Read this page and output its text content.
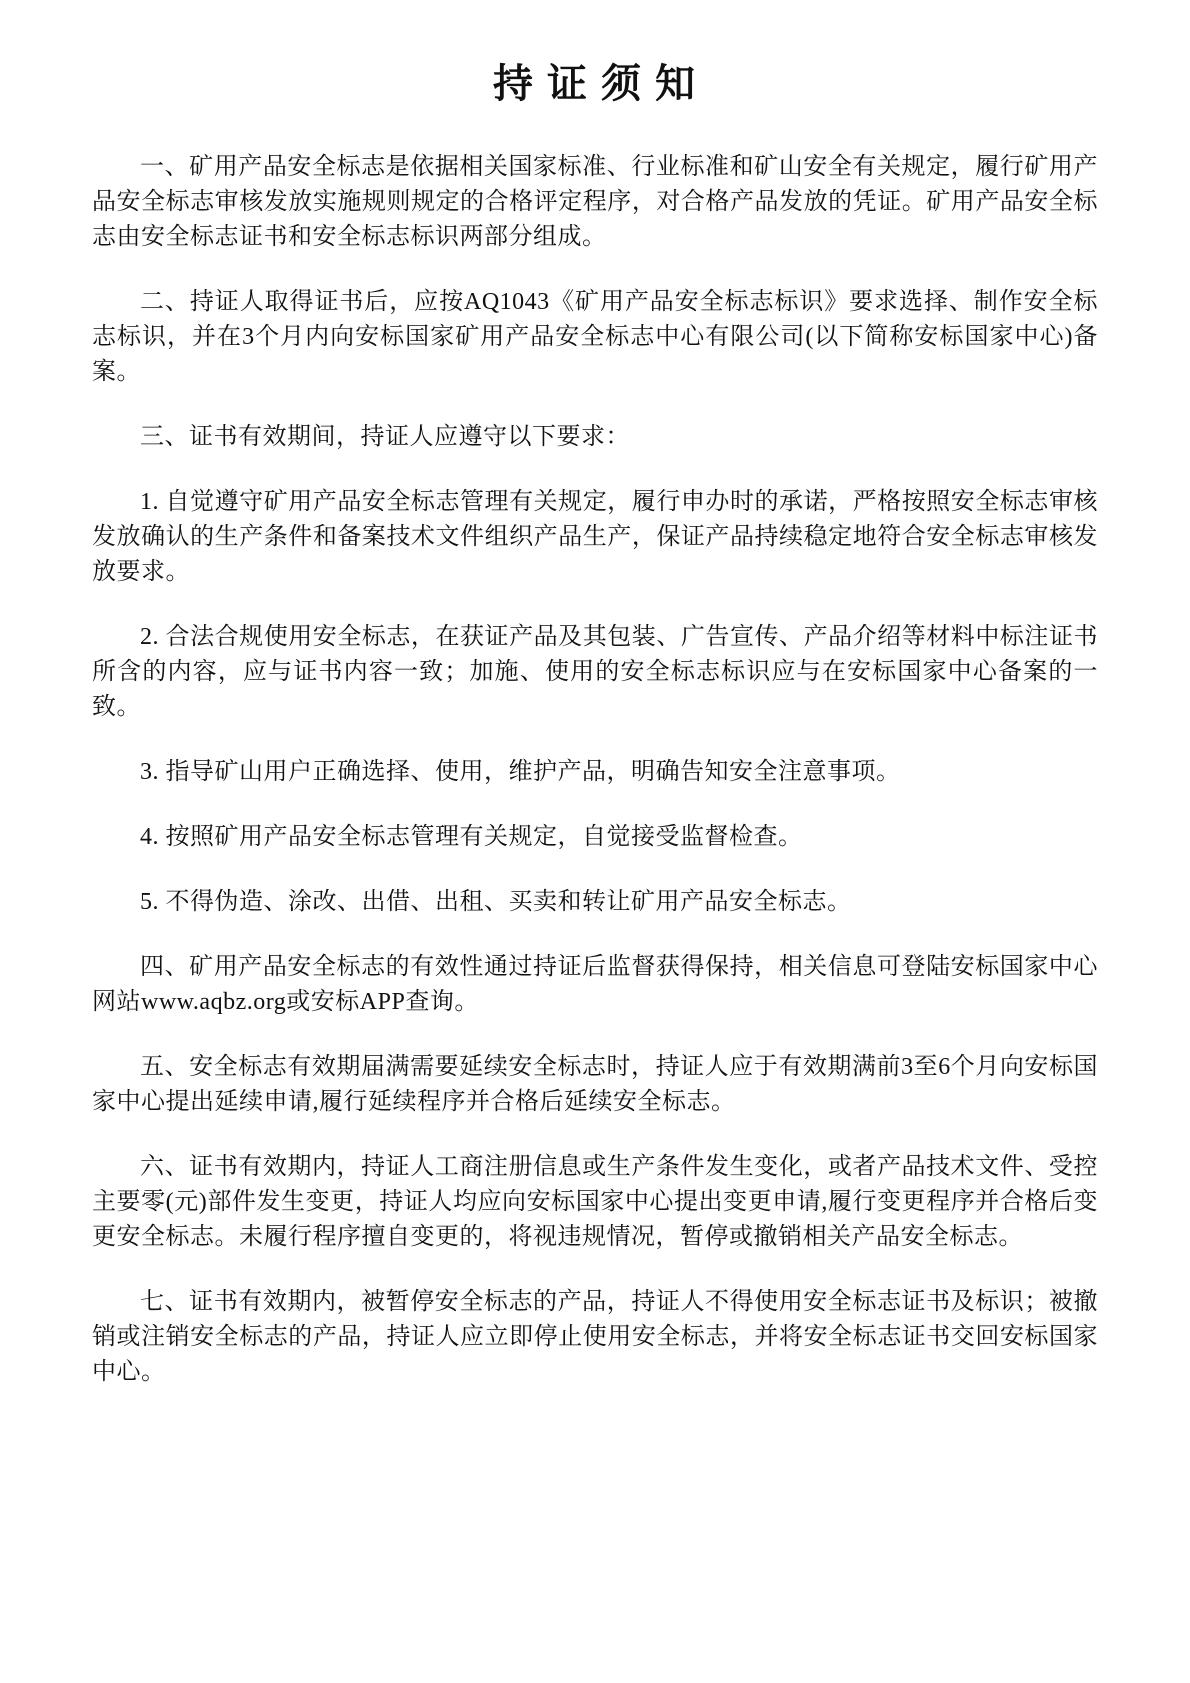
持 证 须 知

一、矿用产品安全标志是依据相关国家标准、行业标准和矿山安全有关规定，履行矿用产品安全标志审核发放实施规则规定的合格评定程序，对合格产品发放的凭证。矿用产品安全标志由安全标志证书和安全标志标识两部分组成。

二、持证人取得证书后，应按AQ1043《矿用产品安全标志标识》要求选择、制作安全标志标识，并在3个月内向安标国家矿用产品安全标志中心有限公司(以下简称安标国家中心)备案。

三、证书有效期间，持证人应遵守以下要求：

1. 自觉遵守矿用产品安全标志管理有关规定，履行申办时的承诺，严格按照安全标志审核发放确认的生产条件和备案技术文件组织产品生产，保证产品持续稳定地符合安全标志审核发放要求。

2. 合法合规使用安全标志，在获证产品及其包装、广告宣传、产品介绍等材料中标注证书所含的内容，应与证书内容一致；加施、使用的安全标志标识应与在安标国家中心备案的一致。

3. 指导矿山用户正确选择、使用，维护产品，明确告知安全注意事项。

4. 按照矿用产品安全标志管理有关规定，自觉接受监督检查。

5. 不得伪造、涂改、出借、出租、买卖和转让矿用产品安全标志。

四、矿用产品安全标志的有效性通过持证后监督获得保持，相关信息可登陆安标国家中心网站www.aqbz.org或安标APP查询。

五、安全标志有效期届满需要延续安全标志时，持证人应于有效期满前3至6个月向安标国家中心提出延续申请,履行延续程序并合格后延续安全标志。

六、证书有效期内，持证人工商注册信息或生产条件发生变化，或者产品技术文件、受控主要零(元)部件发生变更，持证人均应向安标国家中心提出变更申请,履行变更程序并合格后变更安全标志。未履行程序擅自变更的，将视违规情况，暂停或撤销相关产品安全标志。

七、证书有效期内，被暂停安全标志的产品，持证人不得使用安全标志证书及标识；被撤销或注销安全标志的产品，持证人应立即停止使用安全标志，并将安全标志证书交回安标国家中心。
